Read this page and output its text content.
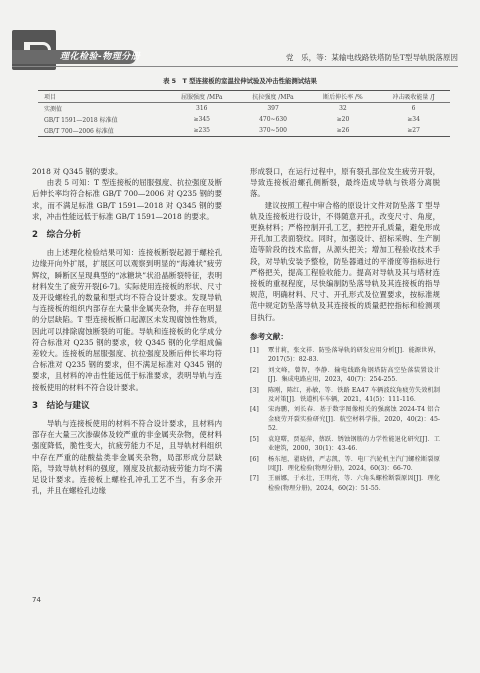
理化检验-物理分册	党　乐，等：某输电线路铁塔防坠T型导轨脱落原因
表 5　T 型连接板的室温拉伸试验及冲击性能测试结果
项目	屈服强度 /MPa	抗拉强度 /MPa	断后伸长率 /%	冲击吸收能量 /J
实测值	316	397	32	6
GB/T 1591—2018 标准值	≥345	470~630	≥20	≥34
GB/T 700—2006 标准值	≥235	370~500	≥26	≥27

2018 对 Q345 钢的要求。

由表 5 可知：T 型连接板的屈服强度、抗拉强度及断后伸长率均符合标准 GB/T 700—2006 对 Q235 钢的要求，而不满足标准 GB/T 1591—2018 对 Q345 钢的要求，冲击性能远低于标准 GB/T 1591—2018 的要求。

2　综合分析

由上述理化检验结果可知：连接板断裂起源于螺栓孔边缘开向外扩展，扩展区可以观察到明显的“海滩状”疲劳辉纹，瞬断区呈现典型的“冰糖块”状沿晶断裂特征，表明材料发生了疲劳开裂[6-7]。实际使用连接板的形状、尺寸及开设螺栓孔的数量和型式均不符合设计要求。发现导轨与连接板的组织内部存在大量非金属夹杂物，并存在明显的分层缺陷。T 型连接板断口起源区未发现腐蚀性物质，因此可以排除腐蚀断裂的可能。导轨和连接板的化学成分符合标准对 Q235 钢的要求，较 Q345 钢的化学组成偏差较大。连接板的屈服强度、抗拉强度及断后伸长率均符合标准对 Q235 钢的要求，但不满足标准对 Q345 钢的要求，且材料的冲击性能远低于标准要求，表明导轨与连接板使用的材料不符合设计要求。

3　结论与建议

导轨与连接板使用的材料不符合设计要求，且材料内部存在大量三次渗碳体及较严重的非金属夹杂物，使材料强度降低，脆性变大，抗疲劳能力不足，且导轨材料组织中存在严重的硅酸盐类非金属夹杂物，局部形成分层缺陷，导致导轨材料的强度，刚度及抗振动疲劳能力均不满足设计要求。连接板上螺栓孔冲孔工艺不当，有多余开孔，并且在螺栓孔边缘

形成裂口，在运行过程中，原有裂孔部位发生疲劳开裂，导致连接板沿螺孔侧断裂，最终造成导轨与铁塔分离脱落。

建议按照工程中审合格的原设计文件对防坠落 T 型导轨及连接板进行设计，不得随意开孔，改变尺寸、角度，更换材料；严格控制开孔工艺，把控开孔质量，避免形成开孔加工表面裂纹。同时，加强设计、招标采购、生产制造等阶段的技术监督，从源头把关；增加工程验收技术手段，对导轨安装予整检，防坠器通过的平滑度等指标进行严格把关，提高工程验收能力。提高对导轨及其与塔材连接板的重视程度，尽快编制防坠落导轨及其连接板的指导规范，明确材料、尺寸、开孔形式及位置要求，按标准规范中规定防坠落导轨及其连接板的质量把控指标和检测项目执行。

参考文献：
[1]	覃甘莉，张文祥．防坠落导轨的研发应用分析[J]．能源世界，2017(5)：82-83．
[2]	刘文峰，曾智，李静．输电线路角钢塔防高空坠落装置设计[J]．集成电路应用，2023，40(7)：254-255．
[3]	陈刚，陈红，孙敏，等．铁路 EA47 车辆波纹角疲劳失效机制及对策[J]．铁道机车车辆，2021，41(5)：111-116．
[4]	宋海鹏，刘长春．基于数字图像相关的强腐蚀 2024-T4 铝合金疲劳开裂实验研究[J]．航空材料学报，2020，40(2)：45-52．
[5]	袁迎曙，贾福萍，蔡跃．锈蚀钢筋的力学性能退化研究[J]．工业建筑，2000，30(1)：43-46．
[6]	杨东旭，翟晓倩，严志凯，等．电厂汽轮机主汽门螺栓断裂原因[J]．理化检验(物理分册)，2024，60(3)：66-70．
[7]	王丽娜，于永壮，王明亮，等．六角头螺栓断裂原因[J]．理化检验(物理分册)，2024，60(2)：51-55．
74
